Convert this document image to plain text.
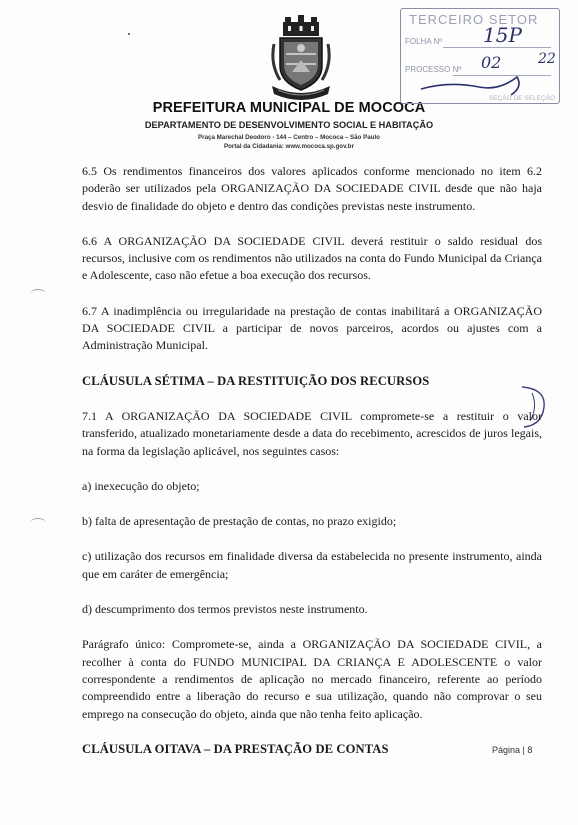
PREFEITURA MUNICIPAL DE MOCOCA
DEPARTAMENTO DE DESENVOLVIMENTO SOCIAL E HABITAÇÃO
Praça Marechal Deodoro - 144 – Centro – Mococa – São Paulo
Portal da Cidadania: www.mococa.sp.gov.br
TERCEIRO SETOR
FOLHA Nº 15P
PROCESSO Nº 02	22
SEÇÃO DE SELEÇÃO

6.5 Os rendimentos financeiros dos valores aplicados conforme mencionado no item 6.2 poderão ser utilizados pela ORGANIZAÇÃO DA SOCIEDADE CIVIL desde que não haja desvio de finalidade do objeto e dentro das condições previstas neste instrumento.

6.6 A ORGANIZAÇÃO DA SOCIEDADE CIVIL deverá restituir o saldo residual dos recursos, inclusive com os rendimentos não utilizados na conta do Fundo Municipal da Criança e Adolescente, caso não efetue a boa execução dos recursos.

6.7 A inadimplência ou irregularidade na prestação de contas inabilitará a ORGANIZAÇÃO DA SOCIEDADE CIVIL a participar de novos parceiros, acordos ou ajustes com a Administração Municipal.

CLÁUSULA SÉTIMA – DA RESTITUIÇÃO DOS RECURSOS

7.1 A ORGANIZAÇÃO DA SOCIEDADE CIVIL compromete-se a restituir o valor transferido, atualizado monetariamente desde a data do recebimento, acrescidos de juros legais, na forma da legislação aplicável, nos seguintes casos:

a) inexecução do objeto;

b) falta de apresentação de prestação de contas, no prazo exigido;

c) utilização dos recursos em finalidade diversa da estabelecida no presente instrumento, ainda que em caráter de emergência;

d) descumprimento dos termos previstos neste instrumento.

Parágrafo único: Compromete-se, ainda a ORGANIZAÇÃO DA SOCIEDADE CIVIL, a recolher à conta do FUNDO MUNICIPAL DA CRIANÇA E ADOLESCENTE o valor correspondente a rendimentos de aplicação no mercado financeiro, referente ao período compreendido entre a liberação do recurso e sua utilização, quando não comprovar o seu emprego na consecução do objeto, ainda que não tenha feito aplicação.

CLÁUSULA OITAVA – DA PRESTAÇÃO DE CONTAS	Página | 8
